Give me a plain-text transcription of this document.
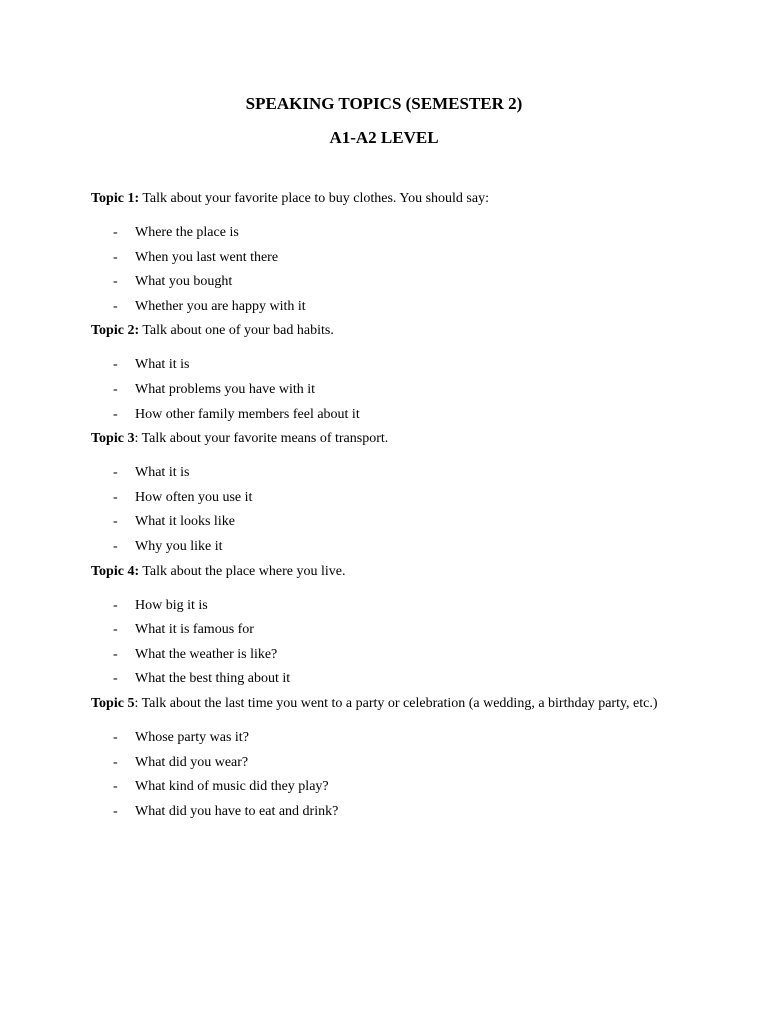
SPEAKING TOPICS (SEMESTER 2)
A1-A2 LEVEL

Topic 1: Talk about your favorite place to buy clothes. You should say:

- Where the place is
- When you last went there
- What you bought
- Whether you are happy with it

Topic 2: Talk about one of your bad habits.

- What it is
- What problems you have with it
- How other family members feel about it

Topic 3: Talk about your favorite means of transport.

- What it is
- How often you use it
- What it looks like
- Why you like it

Topic 4: Talk about the place where you live.

- How big it is
- What it is famous for
- What the weather is like?
- What the best thing about it

Topic 5: Talk about the last time you went to a party or celebration (a wedding, a birthday party, etc.)

- Whose party was it?
- What did you wear?
- What kind of music did they play?
- What did you have to eat and drink?
